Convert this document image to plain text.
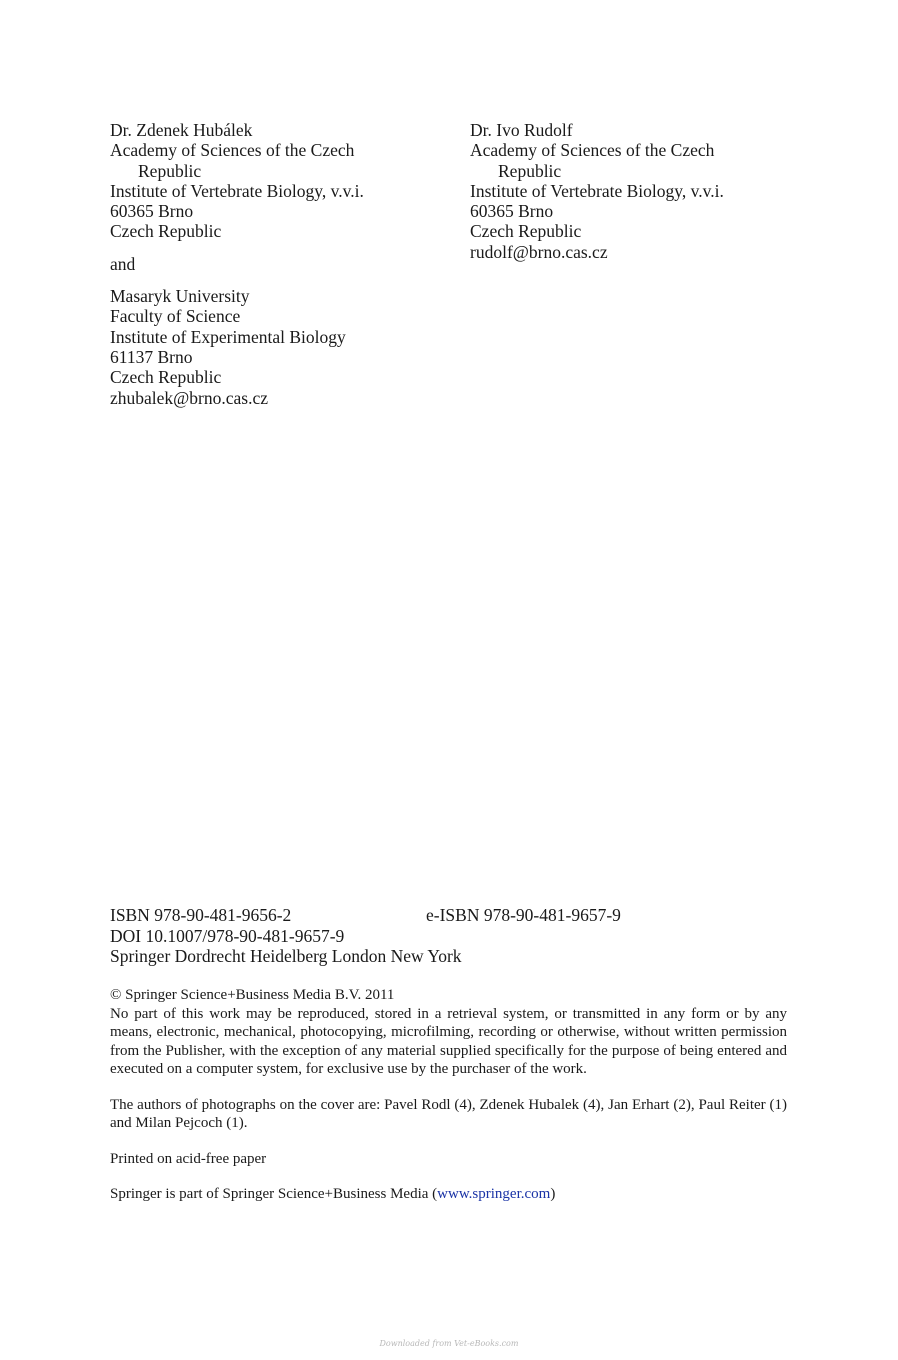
Dr. Zdenek Hubálek
Academy of Sciences of the Czech
Republic
Institute of Vertebrate Biology, v.v.i.
60365 Brno
Czech Republic
and
Masaryk University
Faculty of Science
Institute of Experimental Biology
61137 Brno
Czech Republic
zhubalek@brno.cas.cz
Dr. Ivo Rudolf
Academy of Sciences of the Czech
Republic
Institute of Vertebrate Biology, v.v.i.
60365 Brno
Czech Republic
rudolf@brno.cas.cz
ISBN 978-90-481-9656-2	e-ISBN 978-90-481-9657-9
DOI 10.1007/978-90-481-9657-9
Springer Dordrecht Heidelberg London New York

© Springer Science+Business Media B.V. 2011

No part of this work may be reproduced, stored in a retrieval system, or transmitted in any form or by any means, electronic, mechanical, photocopying, microfilming, recording or otherwise, without written permission from the Publisher, with the exception of any material supplied specifically for the purpose of being entered and executed on a computer system, for exclusive use by the purchaser of the work.

The authors of photographs on the cover are: Pavel Rodl (4), Zdenek Hubalek (4), Jan Erhart (2), Paul Reiter (1) and Milan Pejcoch (1).

Printed on acid-free paper

Springer is part of Springer Science+Business Media (www.springer.com)

Downloaded from Vet-eBooks.com
